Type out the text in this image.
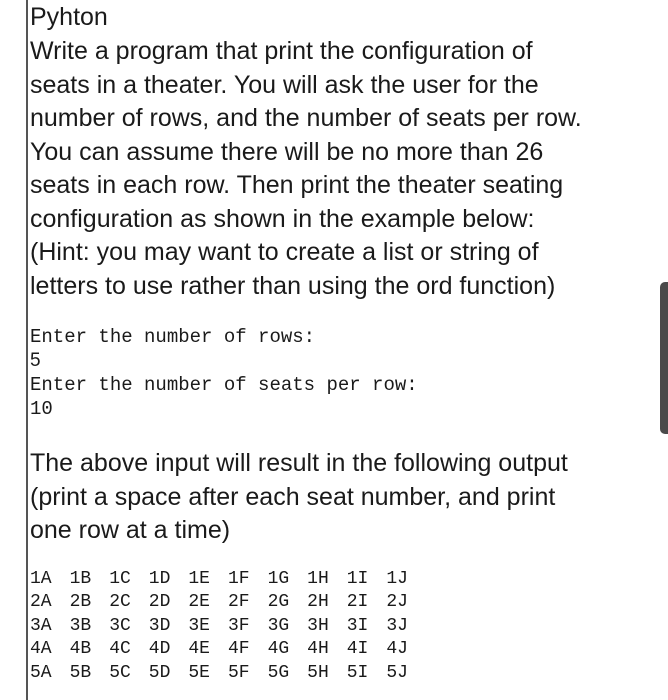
Pyhton
Write a program that print the configuration of
seats in a theater. You will ask the user for the
number of rows, and the number of seats per row.
You can assume there will be no more than 26
seats in each row. Then print the theater seating
configuration as shown in the example below:
(Hint: you may want to create a list or string of
letters to use rather than using the ord function)
Enter the number of rows:
5
Enter the number of seats per row:
10
The above input will result in the following output
(print a space after each seat number, and print
one row at a time)
1A 1B 1C 1D 1E 1F 1G 1H 1I 1J
2A 2B 2C 2D 2E 2F 2G 2H 2I 2J
3A 3B 3C 3D 3E 3F 3G 3H 3I 3J
4A 4B 4C 4D 4E 4F 4G 4H 4I 4J
5A 5B 5C 5D 5E 5F 5G 5H 5I 5J
